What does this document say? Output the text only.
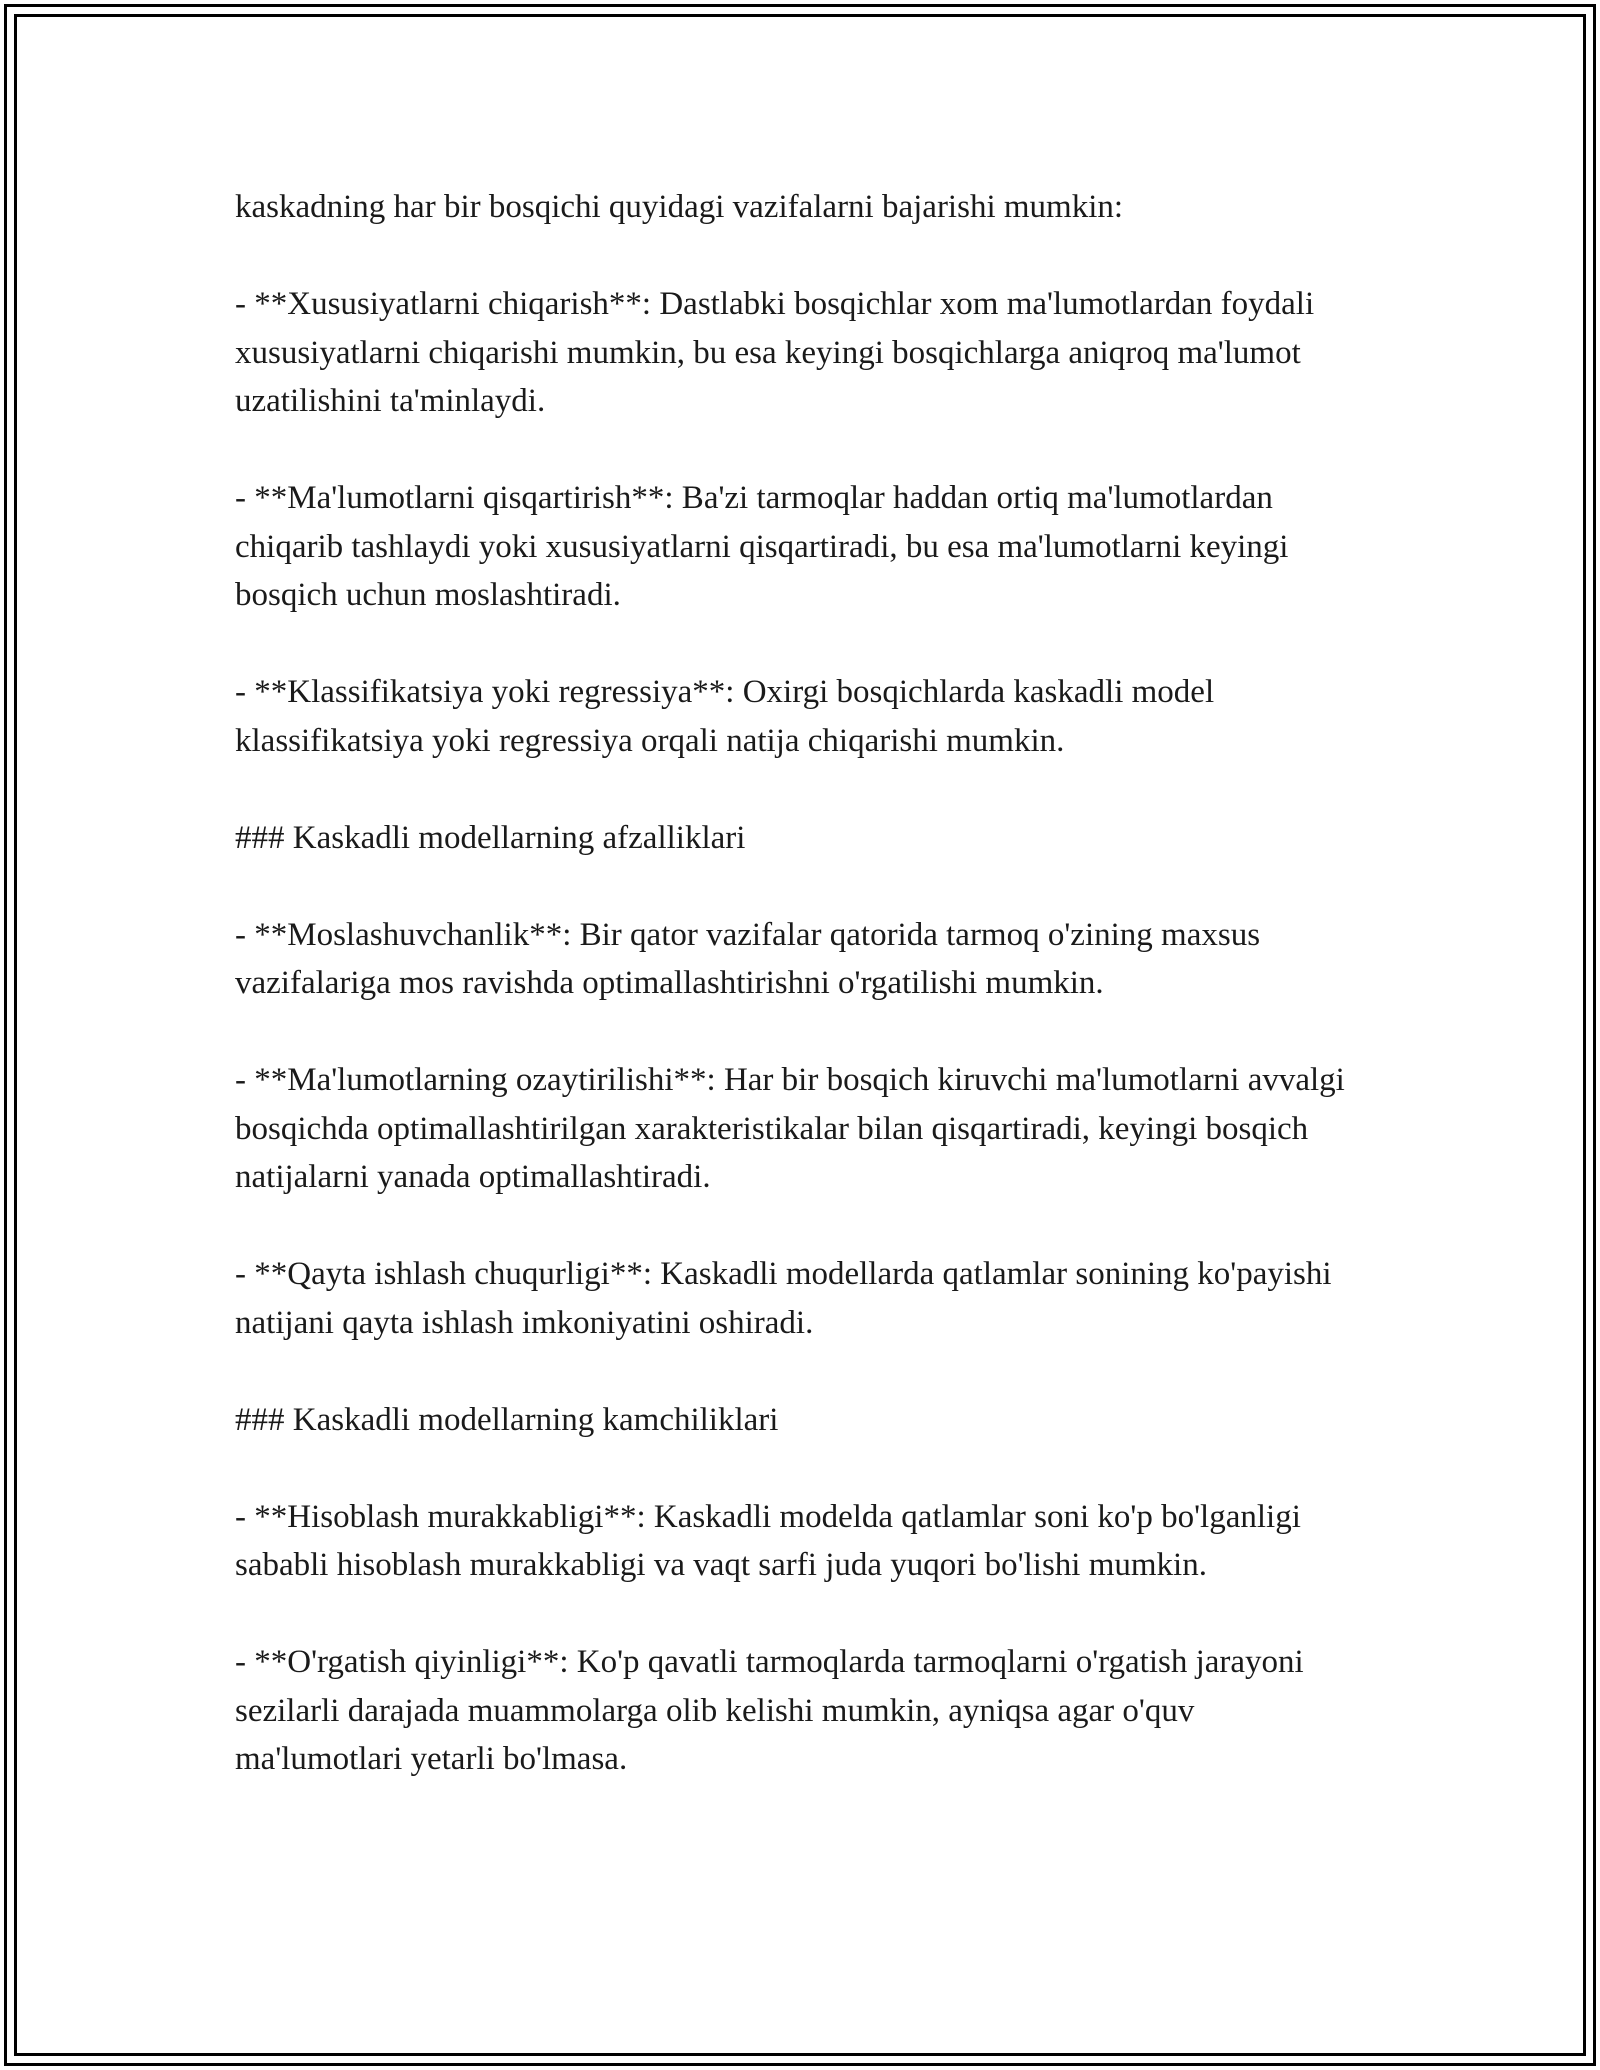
kaskadning har bir bosqichi quyidagi vazifalarni bajarishi mumkin:

- **Xususiyatlarni chiqarish**: Dastlabki bosqichlar xom ma'lumotlardan foydali xususiyatlarni chiqarishi mumkin, bu esa keyingi bosqichlarga aniqroq ma'lumot uzatilishini ta'minlaydi.

- **Ma'lumotlarni qisqartirish**: Ba'zi tarmoqlar haddan ortiq ma'lumotlardan chiqarib tashlaydi yoki xususiyatlarni qisqartiradi, bu esa ma'lumotlarni keyingi bosqich uchun moslashtiradi.

- **Klassifikatsiya yoki regressiya**: Oxirgi bosqichlarda kaskadli model klassifikatsiya yoki regressiya orqali natija chiqarishi mumkin.

### Kaskadli modellarning afzalliklari

- **Moslashuvchanlik**: Bir qator vazifalar qatorida tarmoq o'zining maxsus vazifalariga mos ravishda optimallashtirishni o'rgatilishi mumkin.

- **Ma'lumotlarning ozaytirilishi**: Har bir bosqich kiruvchi ma'lumotlarni avvalgi bosqichda optimallashtirilgan xarakteristikalar bilan qisqartiradi, keyingi bosqich natijalarni yanada optimallashtiradi.

- **Qayta ishlash chuqurligi**: Kaskadli modellarda qatlamlar sonining ko'payishi natijani qayta ishlash imkoniyatini oshiradi.

### Kaskadli modellarning kamchiliklari

- **Hisoblash murakkabligi**: Kaskadli modelda qatlamlar soni ko'p bo'lganligi sababli hisoblash murakkabligi va vaqt sarfi juda yuqori bo'lishi mumkin.

- **O'rgatish qiyinligi**: Ko'p qavatli tarmoqlarda tarmoqlarni o'rgatish jarayoni sezilarli darajada muammolarga olib kelishi mumkin, ayniqsa agar o'quv ma'lumotlari yetarli bo'lmasa.
